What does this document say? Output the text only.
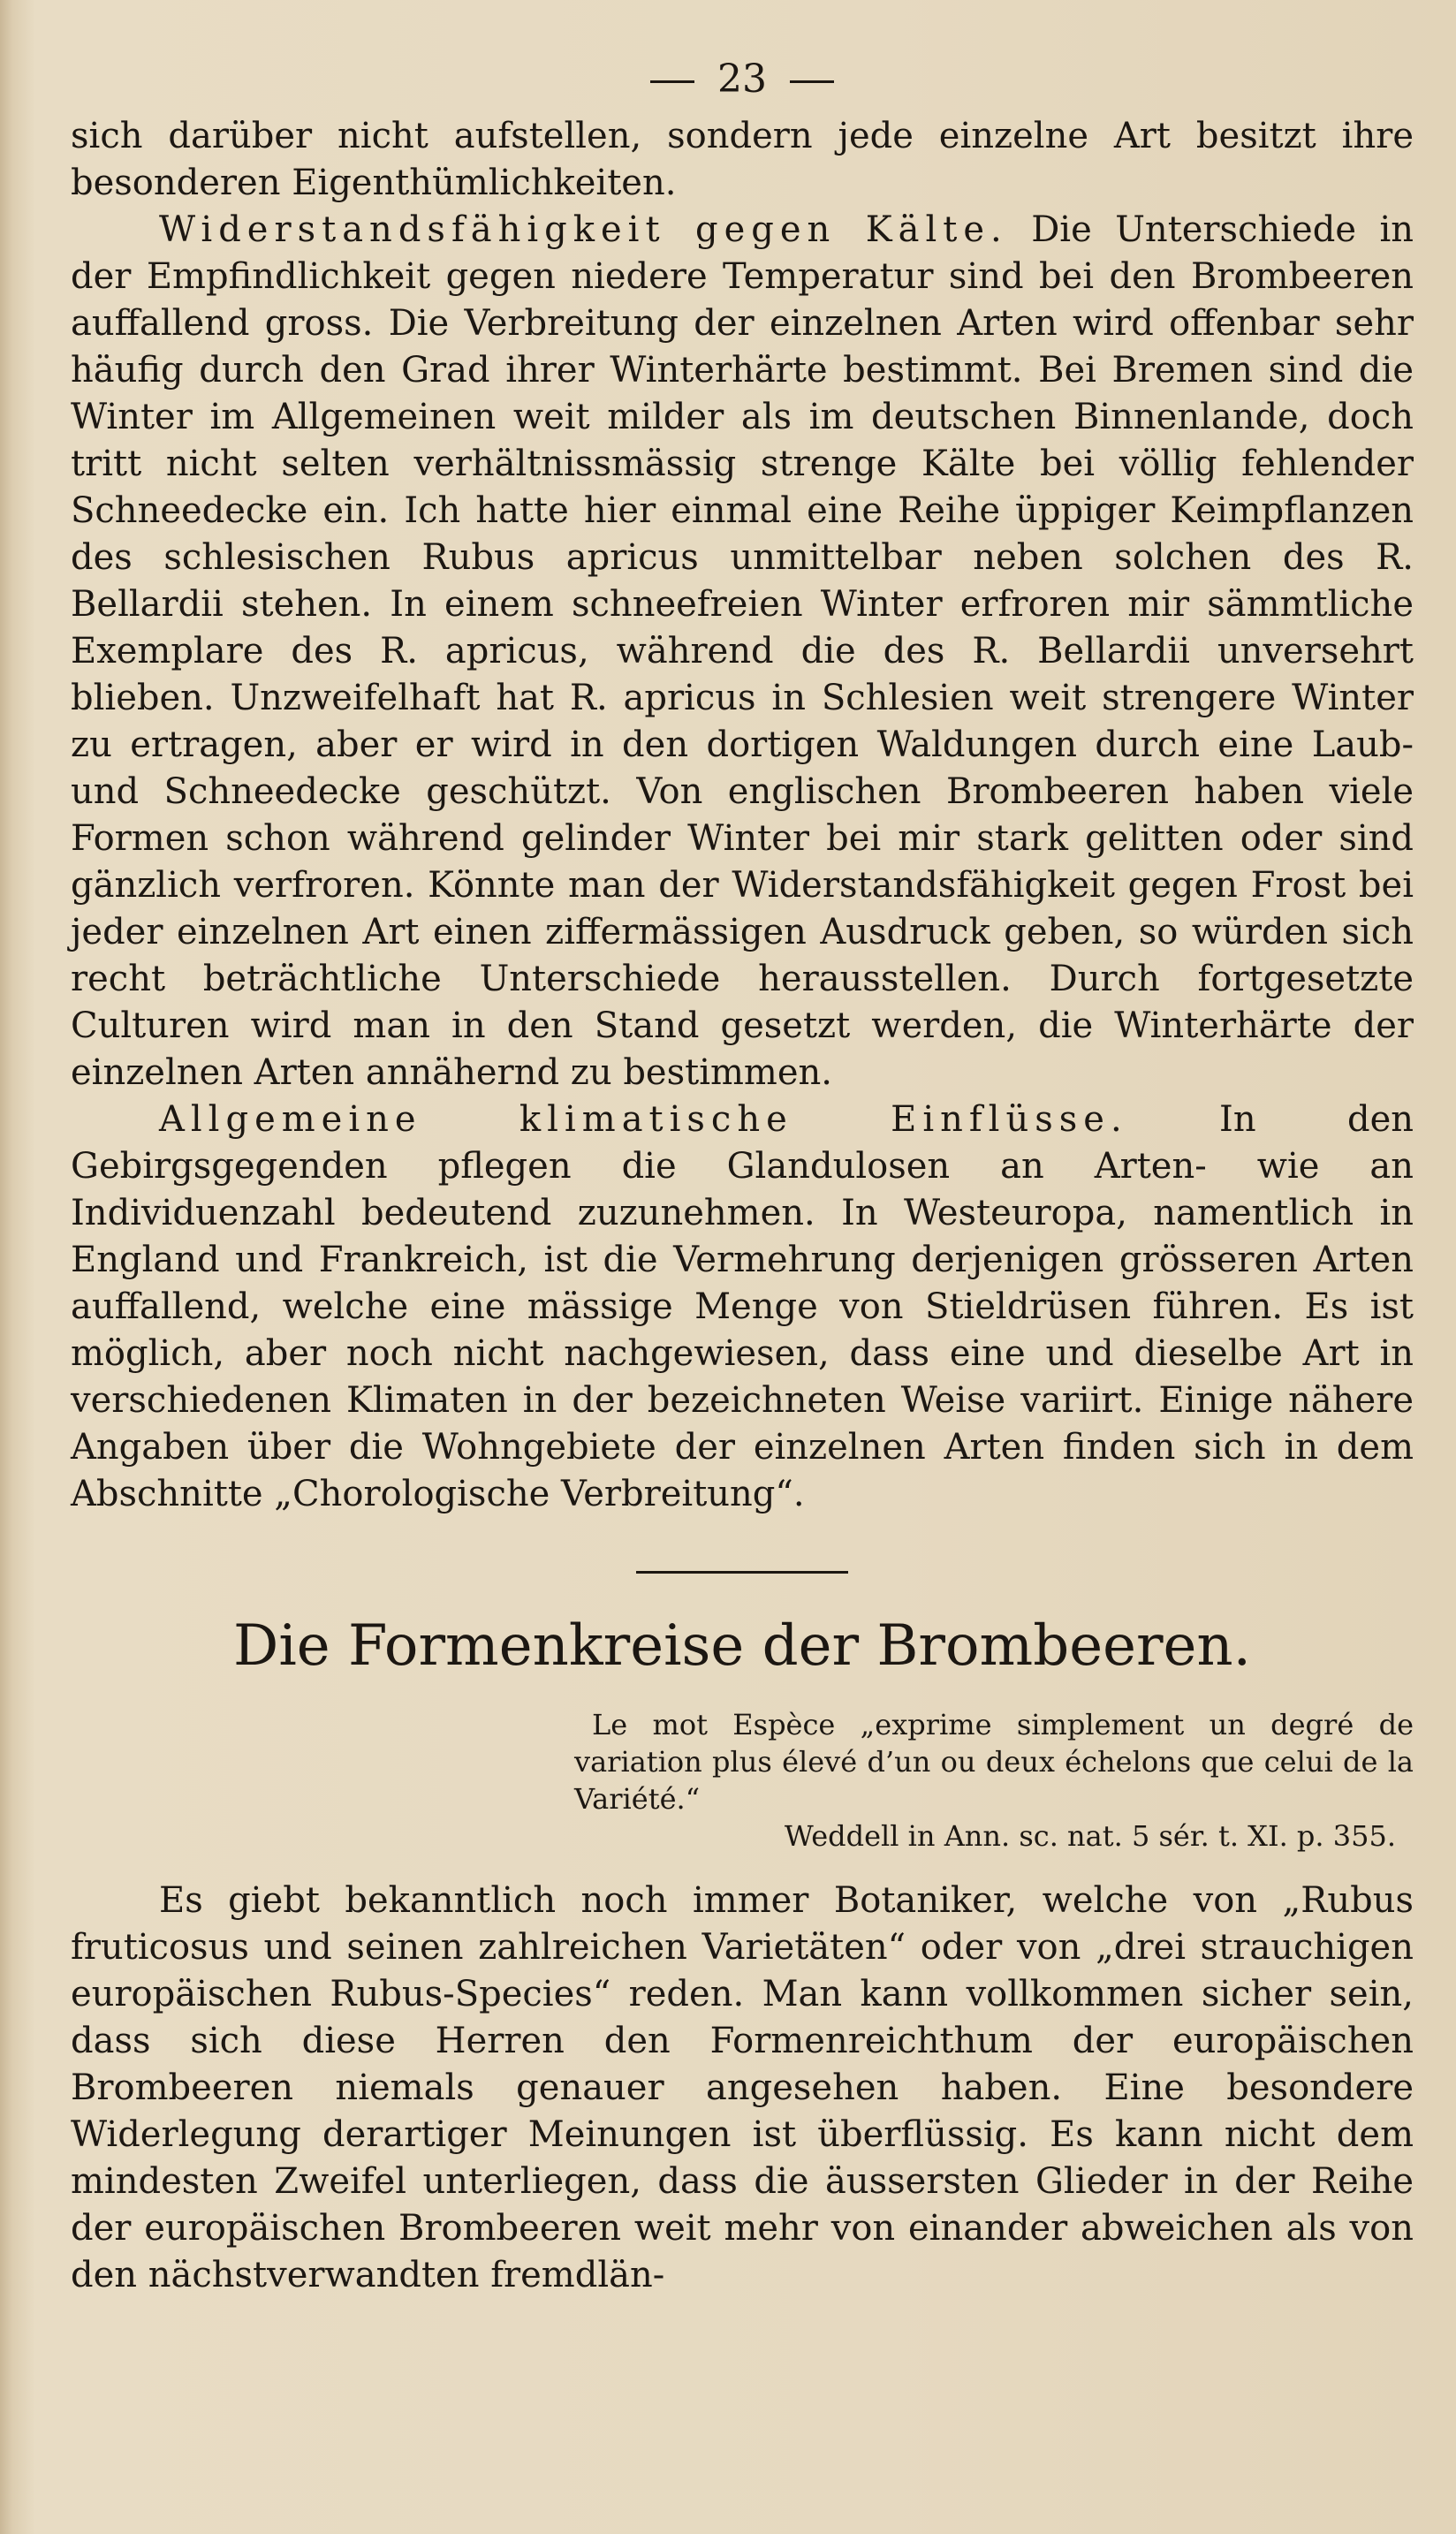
23

sich darüber nicht aufstellen, sondern jede einzelne Art besitzt ihre besonderen Eigenthümlichkeiten.

Widerstandsfähigkeit gegen Kälte. Die Unterschiede in der Empfindlichkeit gegen niedere Temperatur sind bei den Brombeeren auffallend gross. Die Verbreitung der einzelnen Arten wird offenbar sehr häufig durch den Grad ihrer Winterhärte bestimmt. Bei Bremen sind die Winter im Allgemeinen weit milder als im deutschen Binnenlande, doch tritt nicht selten verhältnissmässig strenge Kälte bei völlig fehlender Schneedecke ein. Ich hatte hier einmal eine Reihe üppiger Keimpflanzen des schlesischen Rubus apricus unmittelbar neben solchen des R. Bellardii stehen. In einem schneefreien Winter erfroren mir sämmtliche Exemplare des R. apricus, während die des R. Bellardii unversehrt blieben. Unzweifelhaft hat R. apricus in Schlesien weit strengere Winter zu ertragen, aber er wird in den dortigen Waldungen durch eine Laub- und Schneedecke geschützt. Von englischen Brombeeren haben viele Formen schon während gelinder Winter bei mir stark gelitten oder sind gänzlich verfroren. Könnte man der Widerstandsfähigkeit gegen Frost bei jeder einzelnen Art einen ziffermässigen Ausdruck geben, so würden sich recht beträchtliche Unterschiede herausstellen. Durch fortgesetzte Culturen wird man in den Stand gesetzt werden, die Winterhärte der einzelnen Arten annähernd zu bestimmen.

Allgemeine klimatische Einflüsse. In den Gebirgsgegenden pflegen die Glandulosen an Arten- wie an Individuenzahl bedeutend zuzunehmen. In Westeuropa, namentlich in England und Frankreich, ist die Vermehrung derjenigen grösseren Arten auffallend, welche eine mässige Menge von Stieldrüsen führen. Es ist möglich, aber noch nicht nachgewiesen, dass eine und dieselbe Art in verschiedenen Klimaten in der bezeichneten Weise variirt. Einige nähere Angaben über die Wohngebiete der einzelnen Arten finden sich in dem Abschnitte „Chorologische Verbreitung“.

Die Formenkreise der Brombeeren.

Le mot Espèce „exprime simplement un degré de variation plus élevé d’un ou deux échelons que celui de la Variété.“

Weddell in Ann. sc. nat. 5 sér. t. XI. p. 355.

Es giebt bekanntlich noch immer Botaniker, welche von „Rubus fruticosus und seinen zahlreichen Varietäten“ oder von „drei strauchigen europäischen Rubus-Species“ reden. Man kann vollkommen sicher sein, dass sich diese Herren den Formenreichthum der europäischen Brombeeren niemals genauer angesehen haben. Eine besondere Widerlegung derartiger Meinungen ist überflüssig. Es kann nicht dem mindesten Zweifel unterliegen, dass die äussersten Glieder in der Reihe der europäischen Brombeeren weit mehr von einander abweichen als von den nächstverwandten fremdlän-
